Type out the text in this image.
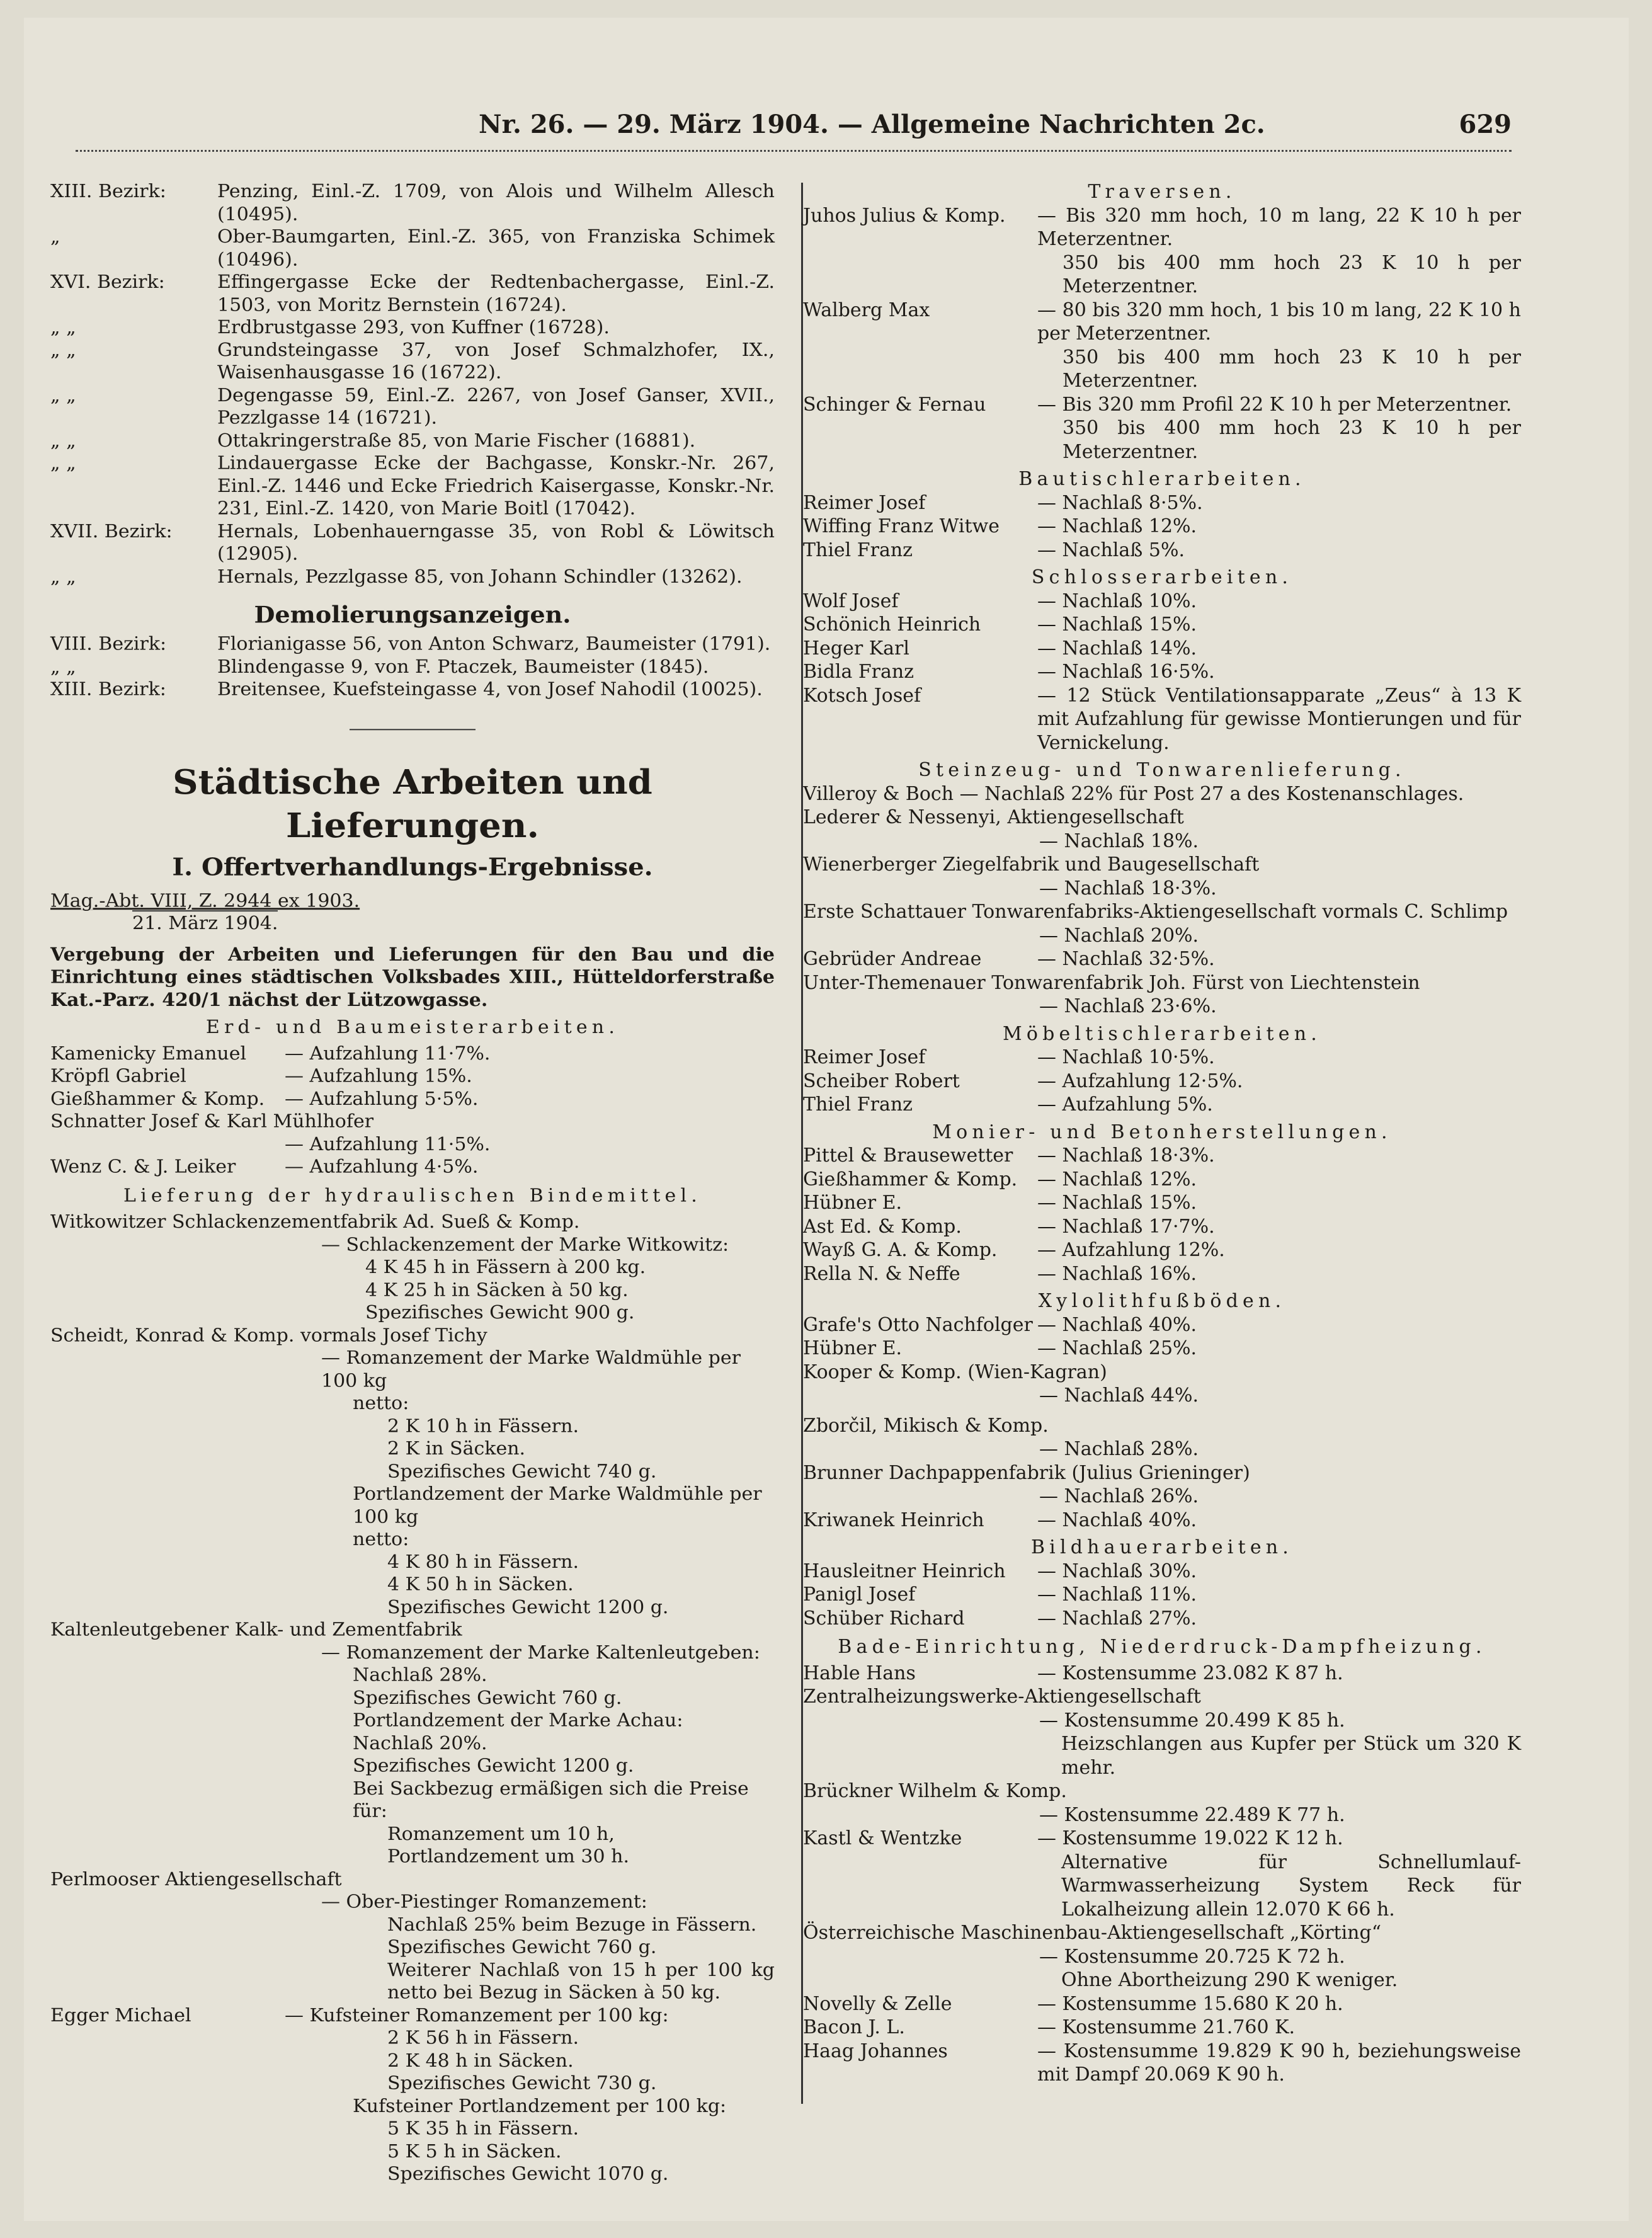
Nr. 26. — 29. März 1904. — Allgemeine Nachrichten 2c.	629
XIII. Bezirk:	Penzing, Einl.-Z. 1709, von Alois und Wilhelm Allesch (10495).
„	Ober-Baumgarten, Einl.-Z. 365, von Franziska Schimek (10496).
XVI. Bezirk:	Effingergasse Ecke der Redtenbachergasse, Einl.-Z. 1503, von Moritz Bernstein (16724).
„ „	Erdbrustgasse 293, von Kuffner (16728).
„ „	Grundsteingasse 37, von Josef Schmalzhofer, IX., Waisenhausgasse 16 (16722).
„ „	Degengasse 59, Einl.-Z. 2267, von Josef Ganser, XVII., Pezzlgasse 14 (16721).
„ „	Ottakringerstraße 85, von Marie Fischer (16881).
„ „	Lindauergasse Ecke der Bachgasse, Konskr.-Nr. 267, Einl.-Z. 1446 und Ecke Friedrich Kaisergasse, Konskr.-Nr. 231, Einl.-Z. 1420, von Marie Boitl (17042).
XVII. Bezirk:	Hernals, Lobenhauerngasse 35, von Robl & Löwitsch (12905).
„ „	Hernals, Pezzlgasse 85, von Johann Schindler (13262).
Demolierungsanzeigen.
VIII. Bezirk:	Florianigasse 56, von Anton Schwarz, Baumeister (1791).
„ „	Blindengasse 9, von F. Ptaczek, Baumeister (1845).
XIII. Bezirk:	Breitensee, Kuefsteingasse 4, von Josef Nahodil (10025).
Städtische Arbeiten und Lieferungen.
I. Offertverhandlungs-Ergebnisse.
Mag.-Abt. VIII, Z. 2944 ex 1903.
21. März 1904.
Vergebung der Arbeiten und Lieferungen für den Bau und die Einrichtung eines städtischen Volksbades XIII., Hütteldorferstraße Kat.-Parz. 420/1 nächst der Lützowgasse.
Erd- und Baumeisterarbeiten.
Kamenicky Emanuel	— Aufzahlung 11·7%.
Kröpfl Gabriel	— Aufzahlung 15%.
Gießhammer & Komp.	— Aufzahlung 5·5%.
Schnatter Josef & Karl Mühlhofer
— Aufzahlung 11·5%.
Wenz C. & J. Leiker	— Aufzahlung 4·5%.
Lieferung der hydraulischen Bindemittel.
Witkowitzer Schlackenzementfabrik Ad. Sueß & Komp.
— Schlackenzement der Marke Witkowitz:
4 K 45 h in Fässern à 200 kg.
4 K 25 h in Säcken à 50 kg.
Spezifisches Gewicht 900 g.
Scheidt, Konrad & Komp. vormals Josef Tichy
— Romanzement der Marke Waldmühle per 100 kg
netto:
2 K 10 h in Fässern.
2 K in Säcken.
Spezifisches Gewicht 740 g.
Portlandzement der Marke Waldmühle per 100 kg
netto:
4 K 80 h in Fässern.
4 K 50 h in Säcken.
Spezifisches Gewicht 1200 g.
Kaltenleutgebener Kalk- und Zementfabrik
— Romanzement der Marke Kaltenleutgeben:
Nachlaß 28%.
Spezifisches Gewicht 760 g.
Portlandzement der Marke Achau:
Nachlaß 20%.
Spezifisches Gewicht 1200 g.
Bei Sackbezug ermäßigen sich die Preise für:
Romanzement um 10 h,
Portlandzement um 30 h.
Perlmooser Aktiengesellschaft
— Ober-Piestinger Romanzement:
Nachlaß 25% beim Bezuge in Fässern.
Spezifisches Gewicht 760 g.
Weiterer Nachlaß von 15 h per 100 kg netto bei Bezug in Säcken à 50 kg.
Egger Michael	— Kufsteiner Romanzement per 100 kg:
2 K 56 h in Fässern.
2 K 48 h in Säcken.
Spezifisches Gewicht 730 g.
Kufsteiner Portlandzement per 100 kg:
5 K 35 h in Fässern.
5 K 5 h in Säcken.
Spezifisches Gewicht 1070 g.
Traversen.
Juhos Julius & Komp.	— Bis 320 mm hoch, 10 m lang, 22 K 10 h per Meterzentner.
350 bis 400 mm hoch 23 K 10 h per Meterzentner.
Walberg Max	— 80 bis 320 mm hoch, 1 bis 10 m lang, 22 K 10 h per Meterzentner.
350 bis 400 mm hoch 23 K 10 h per Meterzentner.
Schinger & Fernau	— Bis 320 mm Profil 22 K 10 h per Meterzentner.
350 bis 400 mm hoch 23 K 10 h per Meterzentner.
Bautischlerarbeiten.
Reimer Josef	— Nachlaß 8·5%.
Wiffing Franz Witwe	— Nachlaß 12%.
Thiel Franz	— Nachlaß 5%.
Schlosserarbeiten.
Wolf Josef	— Nachlaß 10%.
Schönich Heinrich	— Nachlaß 15%.
Heger Karl	— Nachlaß 14%.
Bidla Franz	— Nachlaß 16·5%.
Kotsch Josef	— 12 Stück Ventilationsapparate „Zeus“ à 13 K mit Aufzahlung für gewisse Montierungen und für Vernickelung.
Steinzeug- und Tonwarenlieferung.
Villeroy & Boch — Nachlaß 22% für Post 27 a des Kostenanschlages.
Lederer & Nessenyi, Aktiengesellschaft
— Nachlaß 18%.
Wienerberger Ziegelfabrik und Baugesellschaft
— Nachlaß 18·3%.
Erste Schattauer Tonwarenfabriks-Aktiengesellschaft vormals C. Schlimp
— Nachlaß 20%.
Gebrüder Andreae	— Nachlaß 32·5%.
Unter-Themenauer Tonwarenfabrik Joh. Fürst von Liechtenstein
— Nachlaß 23·6%.
Möbeltischlerarbeiten.
Reimer Josef	— Nachlaß 10·5%.
Scheiber Robert	— Aufzahlung 12·5%.
Thiel Franz	— Aufzahlung 5%.
Monier- und Betonherstellungen.
Pittel & Brausewetter	— Nachlaß 18·3%.
Gießhammer & Komp.	— Nachlaß 12%.
Hübner E.	— Nachlaß 15%.
Ast Ed. & Komp.	— Nachlaß 17·7%.
Wayß G. A. & Komp.	— Aufzahlung 12%.
Rella N. & Neffe	— Nachlaß 16%.
Xylolithfußböden.
Grafe's Otto Nachfolger — Nachlaß 40%.
Hübner E.	— Nachlaß 25%.
Kooper & Komp. (Wien-Kagran)
— Nachlaß 44%.
Zborčil, Mikisch & Komp.
— Nachlaß 28%.
Brunner Dachpappenfabrik (Julius Grieninger)
— Nachlaß 26%.
Kriwanek Heinrich	— Nachlaß 40%.
Bildhauerarbeiten.
Hausleitner Heinrich	— Nachlaß 30%.
Panigl Josef	— Nachlaß 11%.
Schüber Richard	— Nachlaß 27%.
Bade-Einrichtung, Niederdruck-Dampfheizung.
Hable Hans	— Kostensumme 23.082 K 87 h.
Zentralheizungswerke-Aktiengesellschaft
— Kostensumme 20.499 K 85 h.
Heizschlangen aus Kupfer per Stück um 320 K mehr.
Brückner Wilhelm & Komp.
— Kostensumme 22.489 K 77 h.
Kastl & Wentzke	— Kostensumme 19.022 K 12 h.
Alternative für Schnellumlauf-Warmwasserheizung System Reck für Lokalheizung allein 12.070 K 66 h.
Österreichische Maschinenbau-Aktiengesellschaft „Körting“
— Kostensumme 20.725 K 72 h.
Ohne Abortheizung 290 K weniger.
Novelly & Zelle	— Kostensumme 15.680 K 20 h.
Bacon J. L.	— Kostensumme 21.760 K.
Haag Johannes	— Kostensumme 19.829 K 90 h, beziehungsweise mit Dampf 20.069 K 90 h.
